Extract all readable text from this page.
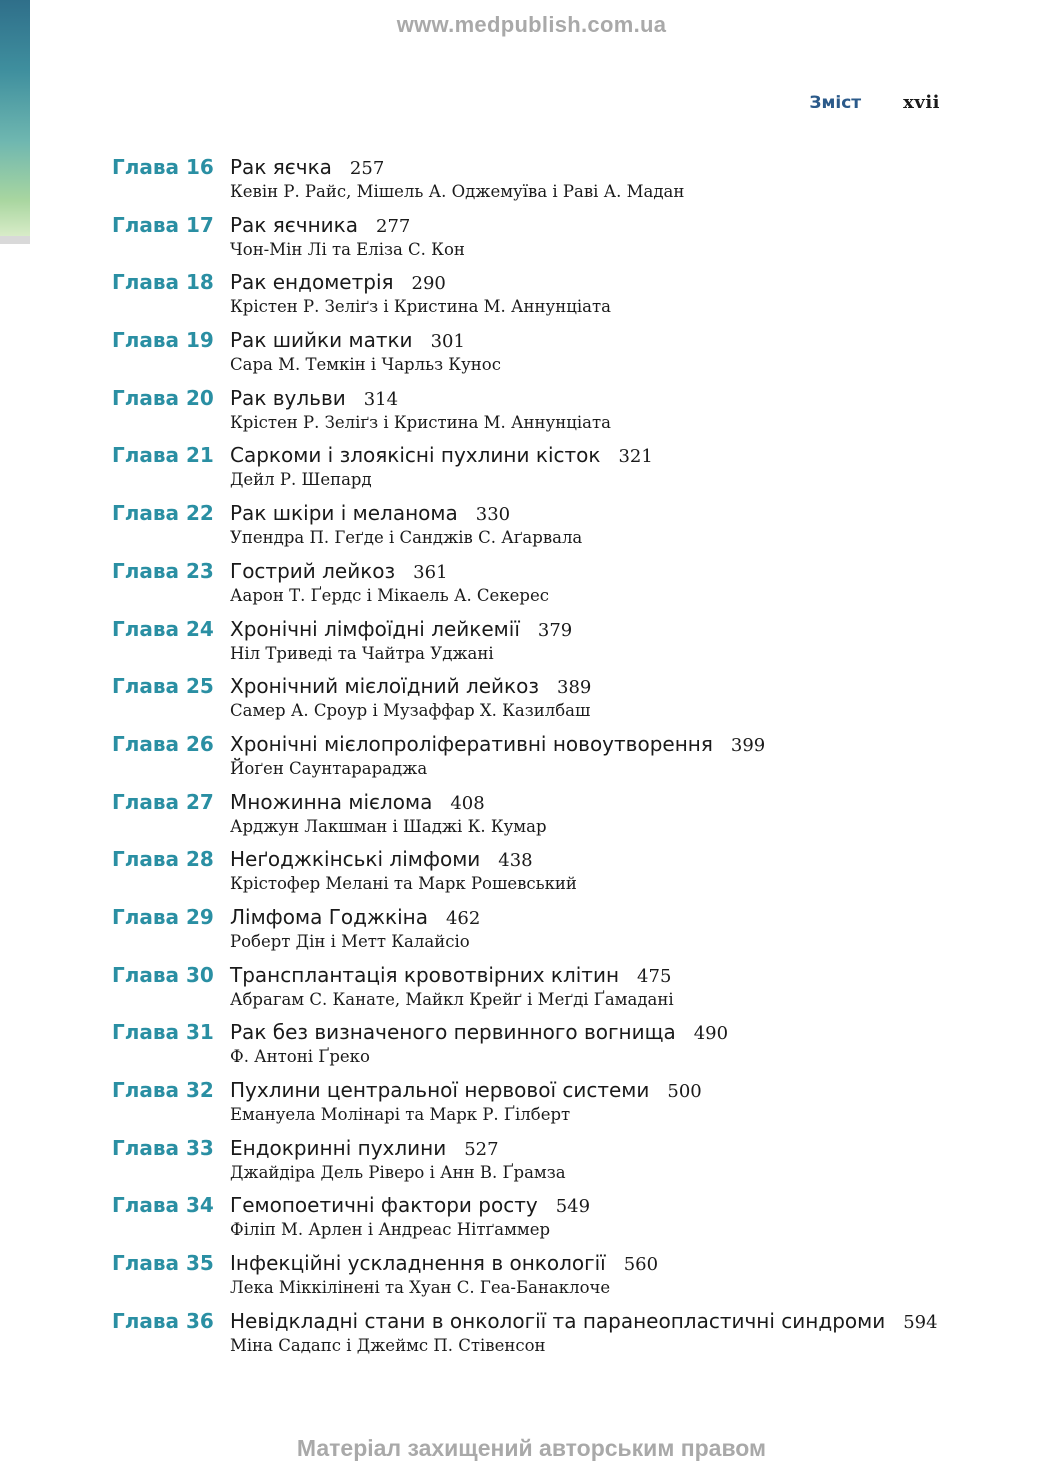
www.medpublish.com.ua
Зміст xvii
Глава 16 Рак яєчка 257
Кевін Р. Райс, Мішель А. Оджемуїва і Раві А. Мадан
Глава 17 Рак яєчника 277
Чон-Мін Лі та Еліза С. Кон
Глава 18 Рак ендометрія 290
Крістен Р. Зеліґз і Кристина М. Аннунціата
Глава 19 Рак шийки матки 301
Сара М. Темкін і Чарльз Кунос
Глава 20 Рак вульви 314
Крістен Р. Зеліґз і Кристина М. Аннунціата
Глава 21 Саркоми і злоякісні пухлини кісток 321
Дейл Р. Шепард
Глава 22 Рак шкіри і меланома 330
Упендра П. Геґде і Санджів С. Аґарвала
Глава 23 Гострий лейкоз 361
Аарон Т. Ґердс і Мікаель А. Секерес
Глава 24 Хронічні лімфоїдні лейкемії 379
Ніл Триведі та Чайтра Уджані
Глава 25 Хронічний мієлоїдний лейкоз 389
Самер А. Сроур і Музаффар Х. Казилбаш
Глава 26 Хронічні мієлопроліферативні новоутворення 399
Йоґен Саунтарараджа
Глава 27 Множинна мієлома 408
Арджун Лакшман і Шаджі К. Кумар
Глава 28 Неґоджкінські лімфоми 438
Крістофер Мелані та Марк Рошевський
Глава 29 Лімфома Годжкіна 462
Роберт Дін і Метт Калайсіо
Глава 30 Трансплантація кровотвірних клітин 475
Абрагам С. Канате, Майкл Крейґ і Меґді Ґамадані
Глава 31 Рак без визначеного первинного вогнища 490
Ф. Антоні Ґреко
Глава 32 Пухлини центральної нервової системи 500
Емануела Молінарі та Марк Р. Ґілберт
Глава 33 Ендокринні пухлини 527
Джайдіра Дель Ріверо і Анн В. Ґрамза
Глава 34 Гемопоетичні фактори росту 549
Філіп М. Арлен і Андреас Нітґаммер
Глава 35 Інфекційні ускладнення в онкології 560
Лека Міккілінені та Хуан С. Геа-Банаклоче
Глава 36 Невідкладні стани в онкології та паранеопластичні синдроми 594
Міна Садапс і Джеймс П. Стівенсон
Матеріал захищений авторським правом
